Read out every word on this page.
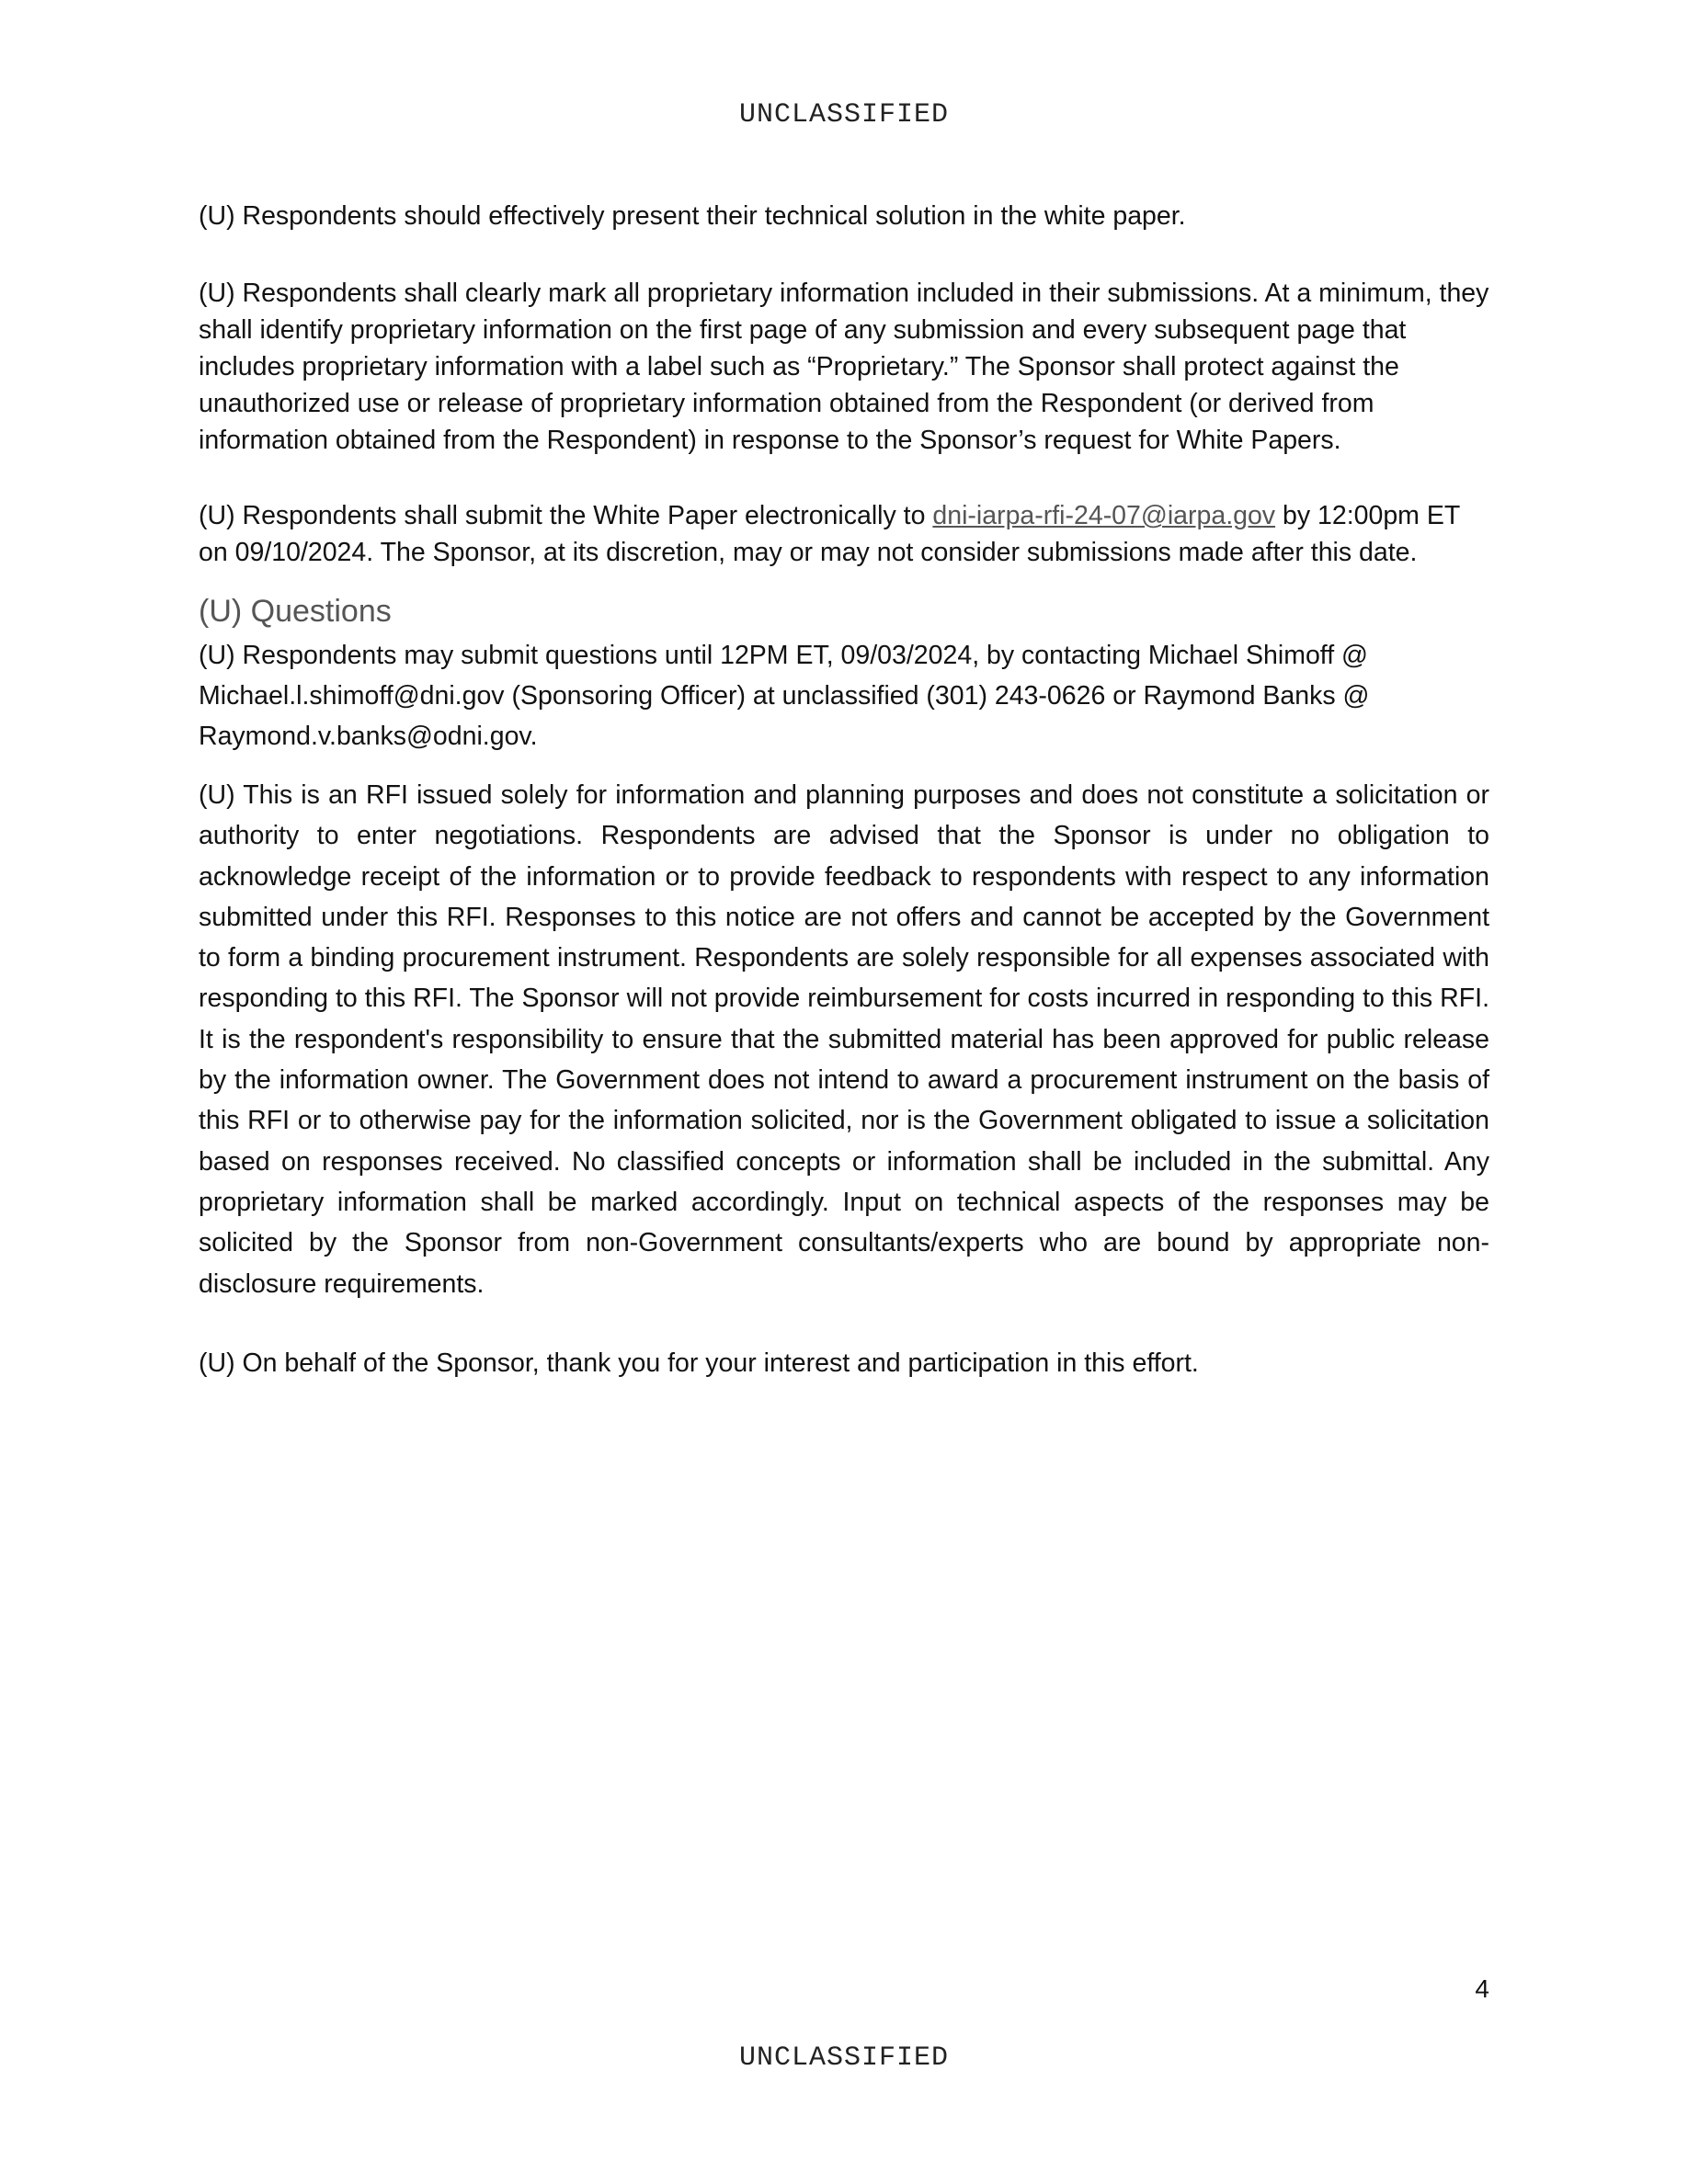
UNCLASSIFIED

(U) Respondents should effectively present their technical solution in the white paper.

(U) Respondents shall clearly mark all proprietary information included in their submissions. At a minimum, they shall identify proprietary information on the first page of any submission and every subsequent page that includes proprietary information with a label such as “Proprietary.” The Sponsor shall protect against the unauthorized use or release of proprietary information obtained from the Respondent (or derived from information obtained from the Respondent) in response to the Sponsor’s request for White Papers.

(U) Respondents shall submit the White Paper electronically to dni-iarpa-rfi-24-07@iarpa.gov by 12:00pm ET on 09/10/2024. The Sponsor, at its discretion, may or may not consider submissions made after this date.

(U) Questions

(U) Respondents may submit questions until 12PM ET, 09/03/2024, by contacting Michael Shimoff @ Michael.l.shimoff@dni.gov (Sponsoring Officer) at unclassified (301) 243-0626 or Raymond Banks @ Raymond.v.banks@odni.gov.

(U) This is an RFI issued solely for information and planning purposes and does not constitute a solicitation or authority to enter negotiations. Respondents are advised that the Sponsor is under no obligation to acknowledge receipt of the information or to provide feedback to respondents with respect to any information submitted under this RFI. Responses to this notice are not offers and cannot be accepted by the Government to form a binding procurement instrument. Respondents are solely responsible for all expenses associated with responding to this RFI. The Sponsor will not provide reimbursement for costs incurred in responding to this RFI. It is the respondent's responsibility to ensure that the submitted material has been approved for public release by the information owner. The Government does not intend to award a procurement instrument on the basis of this RFI or to otherwise pay for the information solicited, nor is the Government obligated to issue a solicitation based on responses received. No classified concepts or information shall be included in the submittal. Any proprietary information shall be marked accordingly. Input on technical aspects of the responses may be solicited by the Sponsor from non-Government consultants/experts who are bound by appropriate non-disclosure requirements.

(U) On behalf of the Sponsor, thank you for your interest and participation in this effort.

4
UNCLASSIFIED
